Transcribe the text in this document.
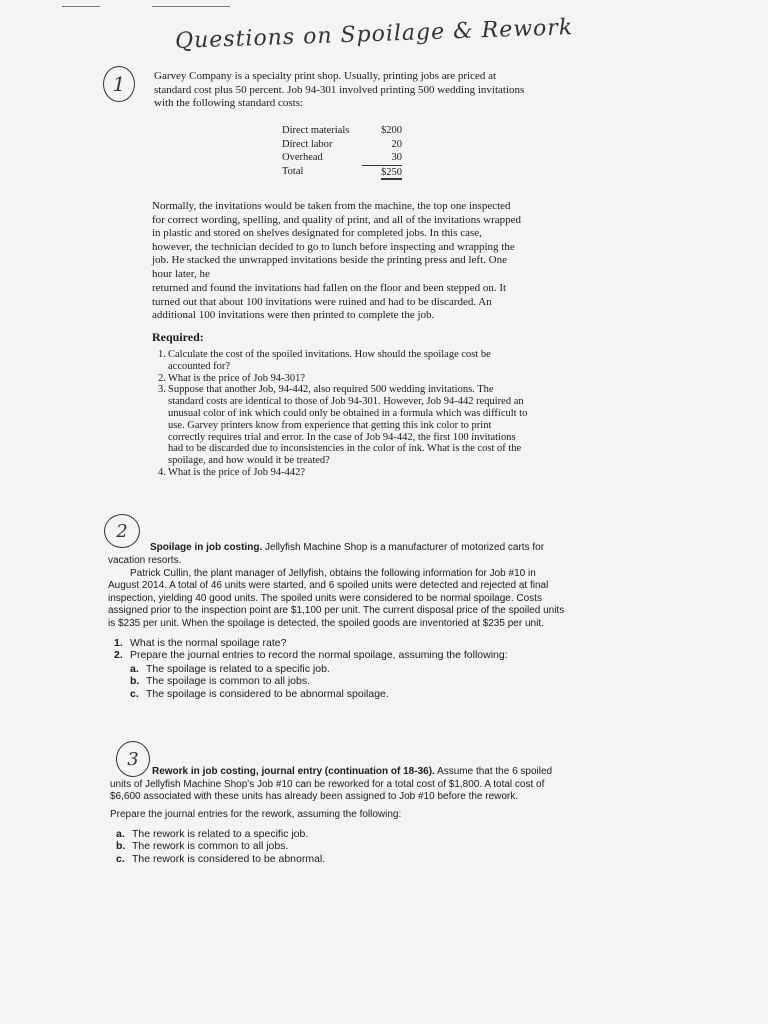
Questions on Spoilage & Rework
1	Garvey Company is a specialty print shop. Usually, printing jobs are priced at standard cost plus 50 percent. Job 94-301 involved printing 500 wedding invitations with the following standard costs:

Direct materials	$200
Direct labor	20
Overhead	30
Total	$250

Normally, the invitations would be taken from the machine, the top one inspected for correct wording, spelling, and quality of print, and all of the invitations wrapped in plastic and stored on shelves designated for completed jobs. In this case, however, the technician decided to go to lunch before inspecting and wrapping the job. He stacked the unwrapped invitations beside the printing press and left. One hour later, he

returned and found the invitations had fallen on the floor and been stepped on. It turned out that about 100 invitations were ruined and had to be discarded. An additional 100 invitations were then printed to complete the job.

Required:
1. Calculate the cost of the spoiled invitations. How should the spoilage cost be accounted for?
2. What is the price of Job 94-301?
3. Suppose that another Job, 94-442, also required 500 wedding invitations. The standard costs are identical to those of Job 94-301. However, Job 94-442 required an unusual color of ink which could only be obtained in a formula which was difficult to use. Garvey printers know from experience that getting this ink color to print correctly requires trial and error. In the case of Job 94-442, the first 100 invitations had to be discarded due to inconsistencies in the color of ink. What is the cost of the spoilage, and how would it be treated?
4. What is the price of Job 94-442?
2

Spoilage in job costing. Jellyfish Machine Shop is a manufacturer of motorized carts for vacation resorts.

Patrick Cullin, the plant manager of Jellyfish, obtains the following information for Job #10 in August 2014. A total of 46 units were started, and 6 spoiled units were detected and rejected at final inspection, yielding 40 good units. The spoiled units were considered to be normal spoilage. Costs assigned prior to the inspection point are $1,100 per unit. The current disposal price of the spoiled units is $235 per unit. When the spoilage is detected, the spoiled goods are inventoried at $235 per unit.

1. What is the normal spoilage rate?
2. Prepare the journal entries to record the normal spoilage, assuming the following:
a. The spoilage is related to a specific job.
b. The spoilage is common to all jobs.
c. The spoilage is considered to be abnormal spoilage.
3

Rework in job costing, journal entry (continuation of 18-36). Assume that the 6 spoiled units of Jellyfish Machine Shop's Job #10 can be reworked for a total cost of $1,800. A total cost of $6,600 associated with these units has already been assigned to Job #10 before the rework.

Prepare the journal entries for the rework, assuming the following:

a. The rework is related to a specific job.
b. The rework is common to all jobs.
c. The rework is considered to be abnormal.
